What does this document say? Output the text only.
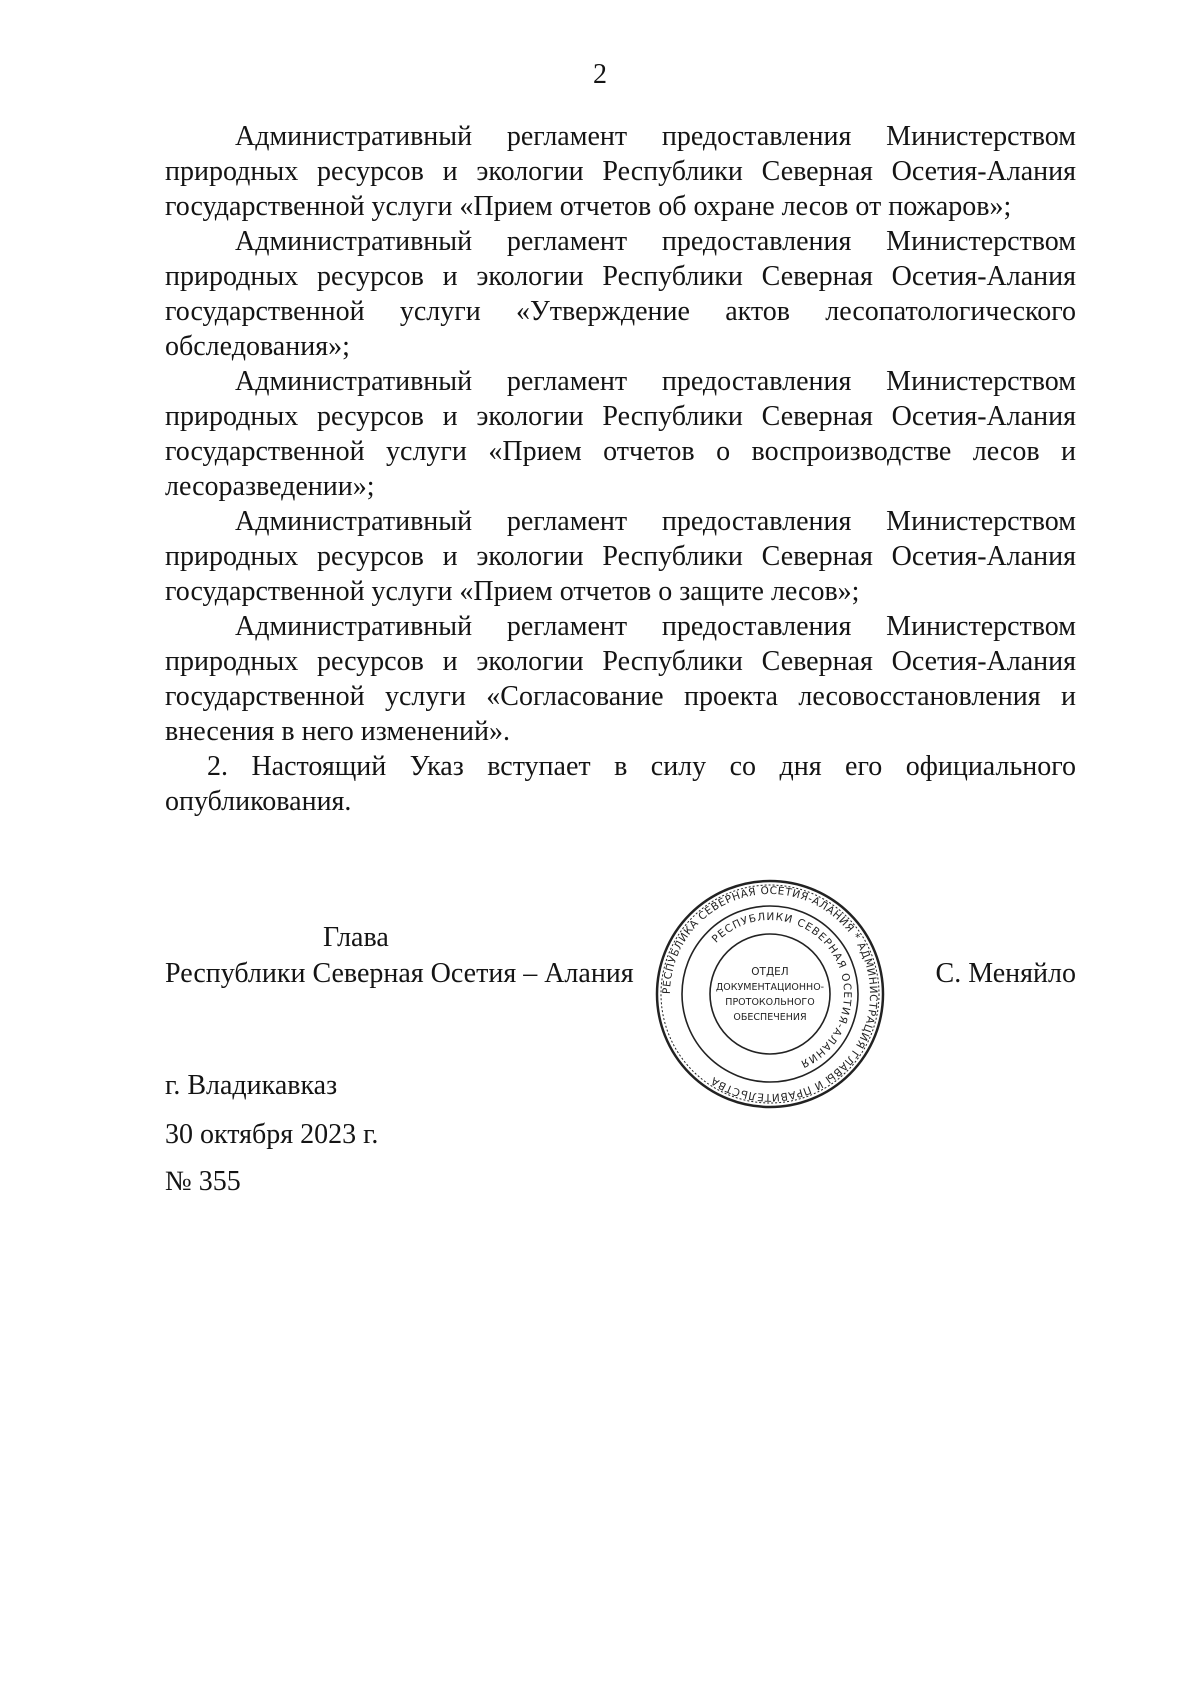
2

Административный регламент предоставления Министерством природных ресурсов и экологии Республики Северная Осетия-Алания государственной услуги «Прием отчетов об охране лесов от пожаров»;

Административный регламент предоставления Министерством природных ресурсов и экологии Республики Северная Осетия-Алания государственной услуги «Утверждение актов лесопатологического обследования»;

Административный регламент предоставления Министерством природных ресурсов и экологии Республики Северная Осетия-Алания государственной услуги «Прием отчетов о воспроизводстве лесов и лесоразведении»;

Административный регламент предоставления Министерством природных ресурсов и экологии Республики Северная Осетия-Алания государственной услуги «Прием отчетов о защите лесов»;

Административный регламент предоставления Министерством природных ресурсов и экологии Республики Северная Осетия-Алания государственной услуги «Согласование проекта лесовосстановления и внесения в него изменений».

2. Настоящий Указ вступает в силу со дня его официального опубликования.

Глава
Республики Северная Осетия – Алания
РЕСПУБЛИКА СЕВЕРНАЯ ОСЕТИЯ-АЛАНИЯ * АДМИНИСТРАЦИЯ ГЛАВЫ И ПРАВИТЕЛЬСТВА
РЕСПУБЛИКИ СЕВЕРНАЯ ОСЕТИЯ-АЛАНИЯ
ОТДЕЛ
ДОКУМЕНТАЦИОННО-
ПРОТОКОЛЬНОГО
ОБЕСПЕЧЕНИЯ
С. Меняйло
г. Владикавказ
30 октября 2023 г.
№ 355
